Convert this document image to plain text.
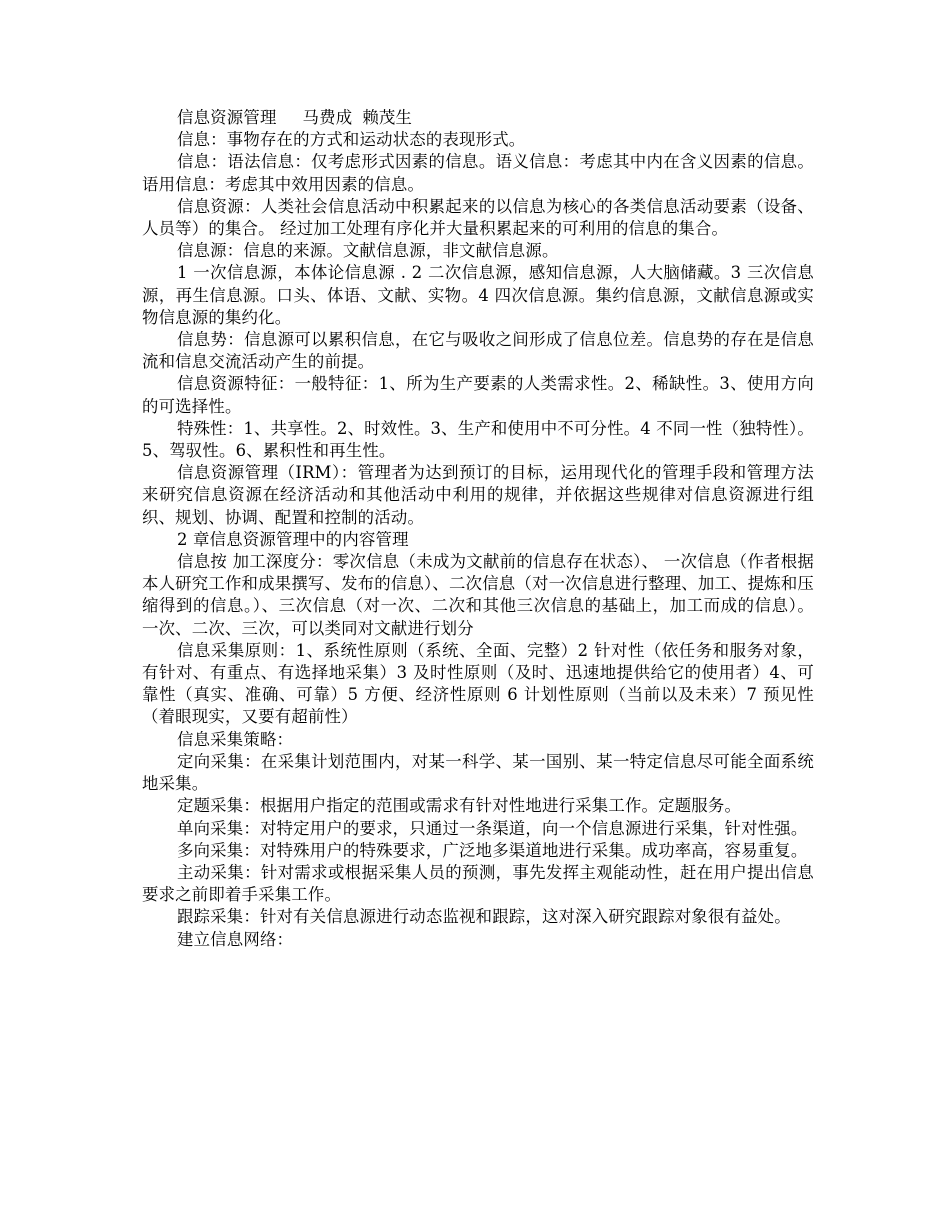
信息资源管理 马费成 赖茂生

信息：事物存在的方式和运动状态的表现形式。

信息：语法信息：仅考虑形式因素的信息。语义信息：考虑其中内在含义因素的信息。语用信息：考虑其中效用因素的信息。

信息资源：人类社会信息活动中积累起来的以信息为核心的各类信息活动要素（设备、人员等）的集合。 经过加工处理有序化并大量积累起来的可利用的信息的集合。

信息源：信息的来源。文献信息源，非文献信息源。

1 一次信息源，本体论信息源 . 2 二次信息源，感知信息源，人大脑储藏。3 三次信息源，再生信息源。口头、体语、文献、实物。4 四次信息源。集约信息源，文献信息源或实物信息源的集约化。

信息势：信息源可以累积信息，在它与吸收之间形成了信息位差。信息势的存在是信息流和信息交流活动产生的前提。

信息资源特征：一般特征：1、所为生产要素的人类需求性。2、稀缺性。3、使用方向的可选择性。

特殊性：1、共享性。2、时效性。3、生产和使用中不可分性。4 不同一性（独特性）。5、驾驭性。6、累积性和再生性。

信息资源管理（IRM）：管理者为达到预订的目标，运用现代化的管理手段和管理方法来研究信息资源在经济活动和其他活动中利用的规律，并依据这些规律对信息资源进行组织、规划、协调、配置和控制的活动。

2 章信息资源管理中的内容管理

信息按 加工深度分：零次信息（未成为文献前的信息存在状态）、 一次信息（作者根据本人研究工作和成果撰写、发布的信息）、二次信息（对一次信息进行整理、加工、提炼和压缩得到的信息。）、三次信息（对一次、二次和其他三次信息的基础上，加工而成的信息）。一次、二次、三次，可以类同对文献进行划分

信息采集原则：1、系统性原则（系统、全面、完整）2 针对性（依任务和服务对象，有针对、有重点、有选择地采集）3 及时性原则（及时、迅速地提供给它的使用者）4、可靠性（真实、准确、可靠）5 方便、经济性原则 6 计划性原则（当前以及未来）7 预见性（着眼现实，又要有超前性）

信息采集策略：

定向采集：在采集计划范围内，对某一科学、某一国别、某一特定信息尽可能全面系统地采集。

定题采集：根据用户指定的范围或需求有针对性地进行采集工作。定题服务。

单向采集：对特定用户的要求，只通过一条渠道，向一个信息源进行采集，针对性强。

多向采集：对特殊用户的特殊要求，广泛地多渠道地进行采集。成功率高，容易重复。

主动采集：针对需求或根据采集人员的预测，事先发挥主观能动性，赶在用户提出信息要求之前即着手采集工作。

跟踪采集：针对有关信息源进行动态监视和跟踪，这对深入研究跟踪对象很有益处。

建立信息网络：
